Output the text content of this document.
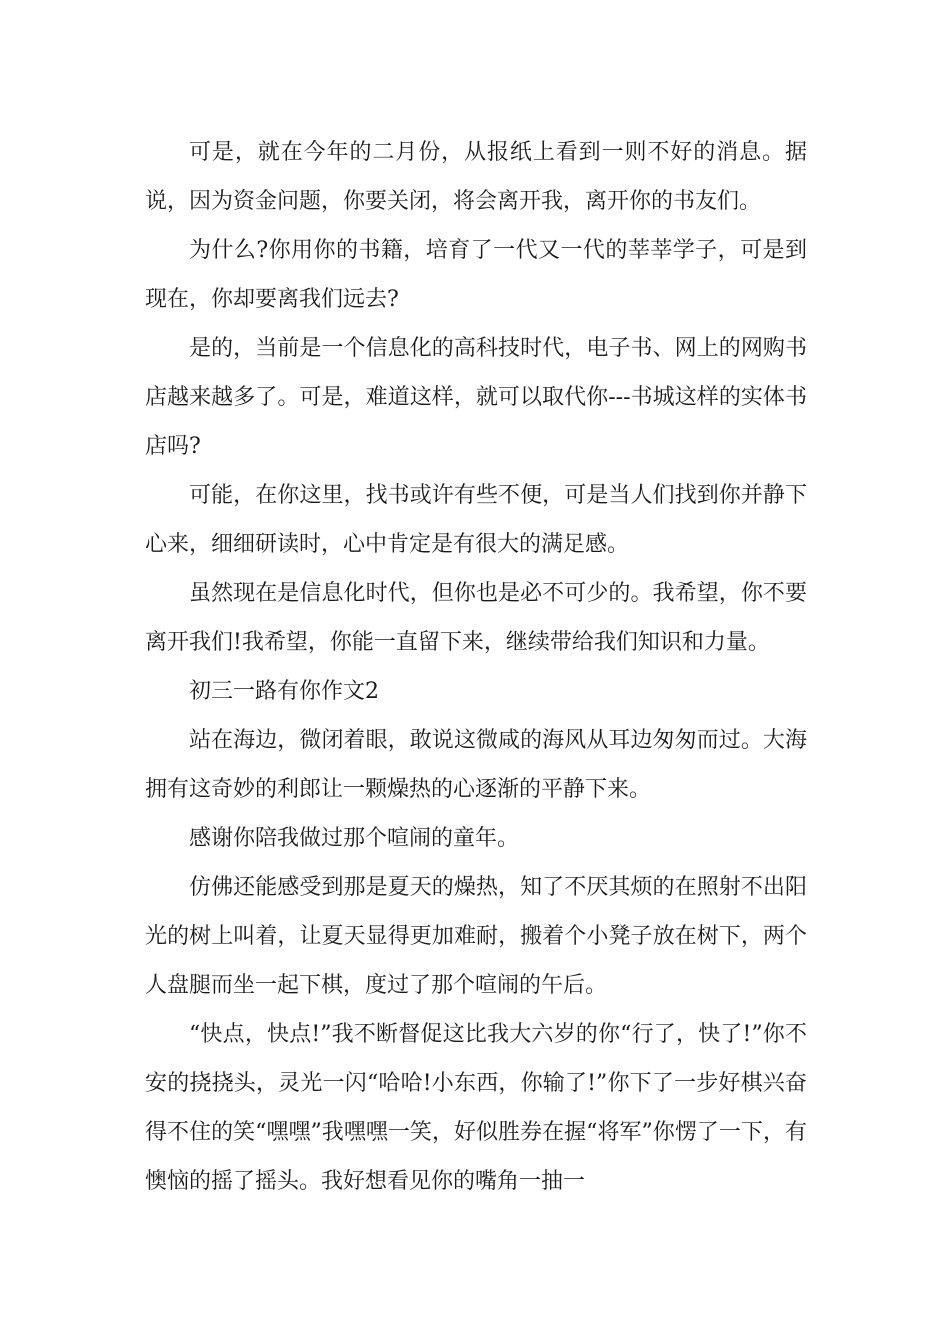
可是，就在今年的二月份，从报纸上看到一则不好的消息。据说，因为资金问题，你要关闭，将会离开我，离开你的书友们。

为什么?你用你的书籍，培育了一代又一代的莘莘学子，可是到现在，你却要离我们远去?

是的，当前是一个信息化的高科技时代，电子书、网上的网购书店越来越多了。可是，难道这样，就可以取代你---书城这样的实体书店吗?

可能，在你这里，找书或许有些不便，可是当人们找到你并静下心来，细细研读时，心中肯定是有很大的满足感。

虽然现在是信息化时代，但你也是必不可少的。我希望，你不要离开我们!我希望，你能一直留下来，继续带给我们知识和力量。

初三一路有你作文2

站在海边，微闭着眼，敢说这微咸的海风从耳边匆匆而过。大海拥有这奇妙的利郎让一颗燥热的心逐渐的平静下来。

感谢你陪我做过那个喧闹的童年。

仿佛还能感受到那是夏天的燥热，知了不厌其烦的在照射不出阳光的树上叫着，让夏天显得更加难耐，搬着个小凳子放在树下，两个人盘腿而坐一起下棋，度过了那个喧闹的午后。

“快点，快点!”我不断督促这比我大六岁的你“行了，快了!”你不安的挠挠头，灵光一闪“哈哈!小东西，你输了!”你下了一步好棋兴奋得不住的笑“嘿嘿”我嘿嘿一笑，好似胜券在握“将军”你愣了一下，有懊恼的摇了摇头。我好想看见你的嘴角一抽一
